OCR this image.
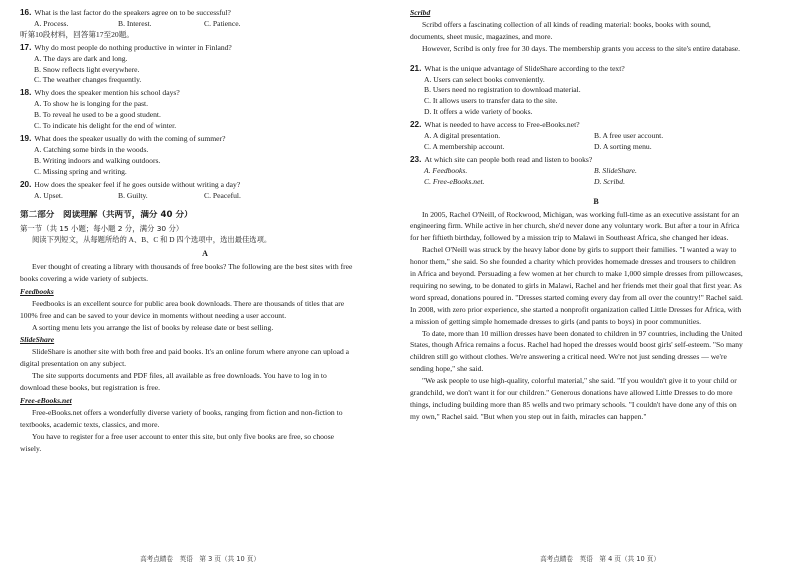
16. What is the last factor do the speakers agree on to be successful?
A. Process.	B. Interest.	C. Patience.
听第10段材料，回答第17至20题。
17. Why do most people do nothing productive in winter in Finland?
A. The days are dark and long.
B. Snow reflects light everywhere.
C. The weather changes frequently.
18. Why does the speaker mention his school days?
A. To show he is longing for the past.
B. To reveal he used to be a good student.
C. To indicate his delight for the end of winter.
19. What does the speaker usually do with the coming of summer?
A. Catching some birds in the woods.
B. Writing indoors and walking outdoors.
C. Missing spring and writing.
20. How does the speaker feel if he goes outside without writing a day?
A. Upset.	B. Guilty.	C. Peaceful.
第二部分　阅读理解（共两节，满分 40 分）
第一节（共 15 小题；每小题 2 分，满分 30 分）
阅读下列短文，从每题所给的 A、B、C 和 D 四个选项中，选出最佳选项。
A
Ever thought of creating a library with thousands of free books? The following are the best sites with free
books covering a wide variety of subjects.
Feedbooks
Feedbooks is an excellent source for public area book downloads. There are thousands of titles that are
100% free and can be saved to your device in moments without needing a user account.
A sorting menu lets you arrange the list of books by release date or best selling.
SlideShare
SlideShare is another site with both free and paid books. It's an online forum where anyone can upload a
digital presentation on any subject.
The site supports documents and PDF files, all available as free downloads. You have to log in to
download these books, but registration is free.
Free-eBooks.net
Free-eBooks.net offers a wonderfully diverse variety of books, ranging from fiction and non-fiction to
textbooks, academic texts, classics, and more.
You have to register for a free user account to enter this site, but only five books are free, so choose
wisely.
高考点睛卷　英语　第 3 页（共 10 页）
Scribd
Scribd offers a fascinating collection of all kinds of reading material: books, books with sound,
documents, sheet music, magazines, and more.
However, Scribd is only free for 30 days. The membership grants you access to the site's entire database.
21. What is the unique advantage of SlideShare according to the text?
A. Users can select books conveniently.
B. Users need no registration to download material.
C. It allows users to transfer data to the site.
D. It offers a wide variety of books.
22. What is needed to have access to Free-eBooks.net?
A. A digital presentation.	B. A free user account.
C. A membership account.	D. A sorting menu.
23. At which site can people both read and listen to books?
A. Feedbooks.	B. SlideShare.
C. Free-eBooks.net.	D. Scribd.
B
In 2005, Rachel O'Neill, of Rockwood, Michigan, was working full-time as an executive assistant for an
engineering firm. While active in her church, she'd never done any voluntary work. But after a tour in Africa
for her fiftieth birthday, followed by a mission trip to Malawi in Southeast Africa, she changed her ideas.
Rachel O'Neill was struck by the heavy labor done by girls to support their families. "I wanted a way to
honor them," she said. So she founded a charity which provides homemade dresses and trousers to children
in Africa and beyond. Persuading a few women at her church to make 1,000 simple dresses from pillowcases,
requiring no sewing, to be donated to girls in Malawi, Rachel and her friends met their goal that first year. As
word spread, donations poured in. "Dresses started coming every day from all over the country!" Rachel said.
In 2008, with zero prior experience, she started a nonprofit organization called Little Dresses for Africa, with
a mission of getting simple homemade dresses to girls (and pants to boys) in poor communities.
To date, more than 10 million dresses have been donated to children in 97 countries, including the United
States, though Africa remains a focus. Rachel had hoped the dresses would boost girls' self-esteem. "So many
children still go without clothes. We're answering a critical need. We're not just sending dresses — we're
sending hope," she said.
"We ask people to use high-quality, colorful material," she said. "If you wouldn't give it to your child or
grandchild, we don't want it for our children." Generous donations have allowed Little Dresses to do more
things, including building more than 85 wells and two primary schools. "I couldn't have done any of this on
my own," Rachel said. "But when you step out in faith, miracles can happen."
高考点睛卷　英语　第 4 页（共 10 页）
